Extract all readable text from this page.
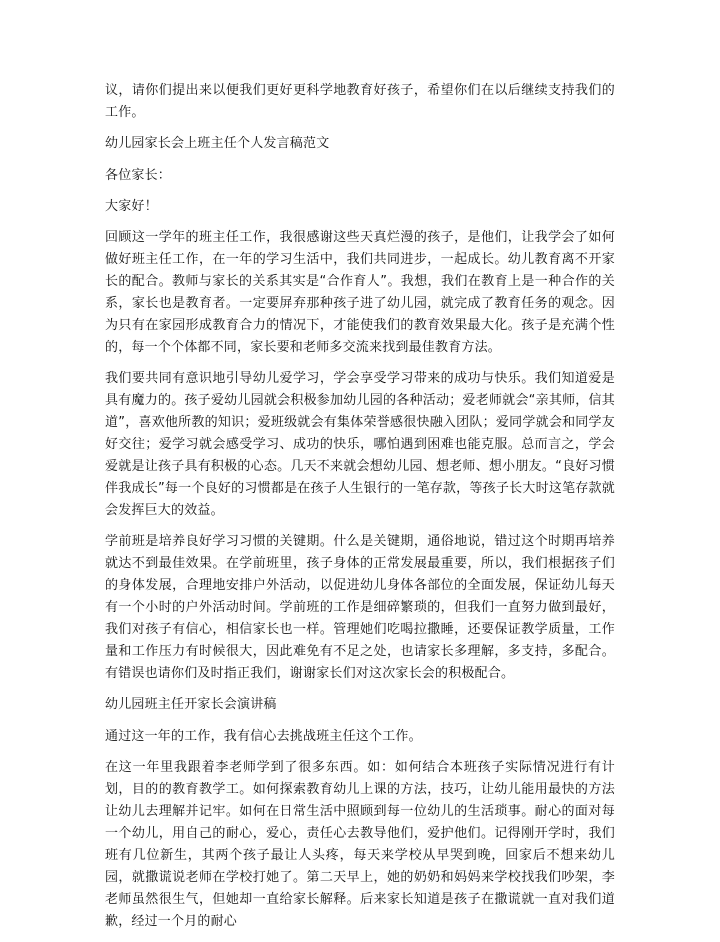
议，请你们提出来以便我们更好更科学地教育好孩子，希望你们在以后继续支持我们的工作。

幼儿园家长会上班主任个人发言稿范文

各位家长：

大家好！

回顾这一学年的班主任工作，我很感谢这些天真烂漫的孩子，是他们，让我学会了如何做好班主任工作，在一年的学习生活中，我们共同进步，一起成长。幼儿教育离不开家长的配合。教师与家长的关系其实是“合作育人”。我想，我们在教育上是一种合作的关系，家长也是教育者。一定要屏弃那种孩子进了幼儿园，就完成了教育任务的观念。因为只有在家园形成教育合力的情况下，才能使我们的教育效果最大化。孩子是充满个性的，每一个个体都不同，家长要和老师多交流来找到最佳教育方法。

我们要共同有意识地引导幼儿爱学习，学会享受学习带来的成功与快乐。我们知道爱是具有魔力的。孩子爱幼儿园就会积极参加幼儿园的各种活动；爱老师就会“亲其师，信其道”，喜欢他所教的知识；爱班级就会有集体荣誉感很快融入团队；爱同学就会和同学友好交往；爱学习就会感受学习、成功的快乐，哪怕遇到困难也能克服。总而言之，学会爱就是让孩子具有积极的心态。几天不来就会想幼儿园、想老师、想小朋友。“良好习惯伴我成长”每一个良好的习惯都是在孩子人生银行的一笔存款，等孩子长大时这笔存款就会发挥巨大的效益。

学前班是培养良好学习习惯的关键期。什么是关键期，通俗地说，错过这个时期再培养就达不到最佳效果。在学前班里，孩子身体的正常发展最重要，所以，我们根据孩子们的身体发展，合理地安排户外活动，以促进幼儿身体各部位的全面发展，保证幼儿每天有一个小时的户外活动时间。学前班的工作是细碎繁琐的，但我们一直努力做到最好，我们对孩子有信心，相信家长也一样。管理她们吃喝拉撒睡，还要保证教学质量，工作量和工作压力有时候很大，因此难免有不足之处，也请家长多理解，多支持，多配合。有错误也请你们及时指正我们，谢谢家长们对这次家长会的积极配合。

幼儿园班主任开家长会演讲稿

通过这一年的工作，我有信心去挑战班主任这个工作。

在这一年里我跟着李老师学到了很多东西。如：如何结合本班孩子实际情况进行有计划，目的的教育教学工。如何探索教育幼儿上课的方法，技巧，让幼儿能用最快的方法让幼儿去理解并记牢。如何在日常生活中照顾到每一位幼儿的生活琐事。耐心的面对每一个幼儿，用自己的耐心，爱心，责任心去教导他们，爱护他们。记得刚开学时，我们班有几位新生，其两个孩子最让人头疼，每天来学校从早哭到晚，回家后不想来幼儿园，就撒谎说老师在学校打她了。第二天早上，她的奶奶和妈妈来学校找我们吵架，李老师虽然很生气，但她却一直给家长解释。后来家长知道是孩子在撒谎就一直对我们道歉，经过一个月的耐心
